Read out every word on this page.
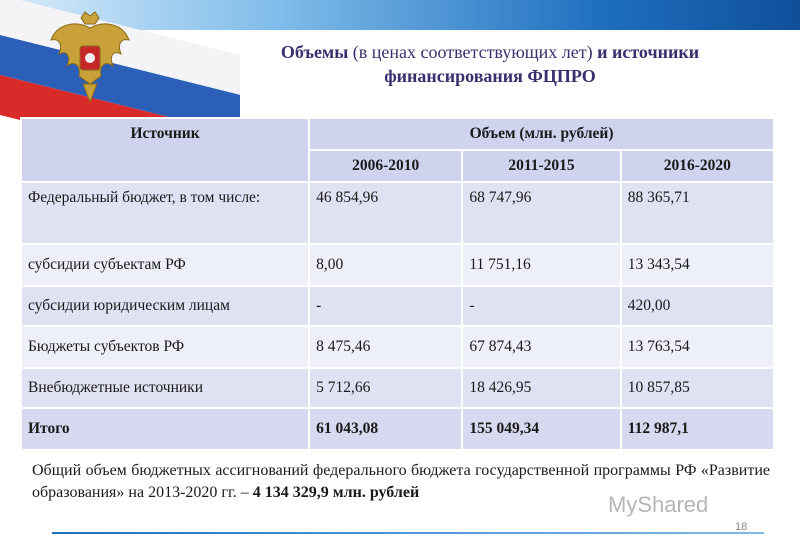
Объемы (в ценах соответствующих лет) и источники
финансирования ФЦПРО
Источник	Объем (млн. рублей)		
	2006-2010	2011-2015	2016-2020
Федеральный бюджет, в том числе:	46 854,96	68 747,96	88 365,71
субсидии субъектам РФ	8,00	11 751,16	13 343,54
субсидии юридическим лицам	-	-	420,00
Бюджеты субъектов РФ	8 475,46	67 874,43	13 763,54
Внебюджетные источники	5 712,66	18 426,95	10 857,85
Итого	61 043,08	155 049,34	112 987,1
Общий объем бюджетных ассигнований федерального бюджета государственной программы РФ «Развитие образования» на 2013-2020 гг. – 4 134 329,9 млн. рублей	MyShared
18
